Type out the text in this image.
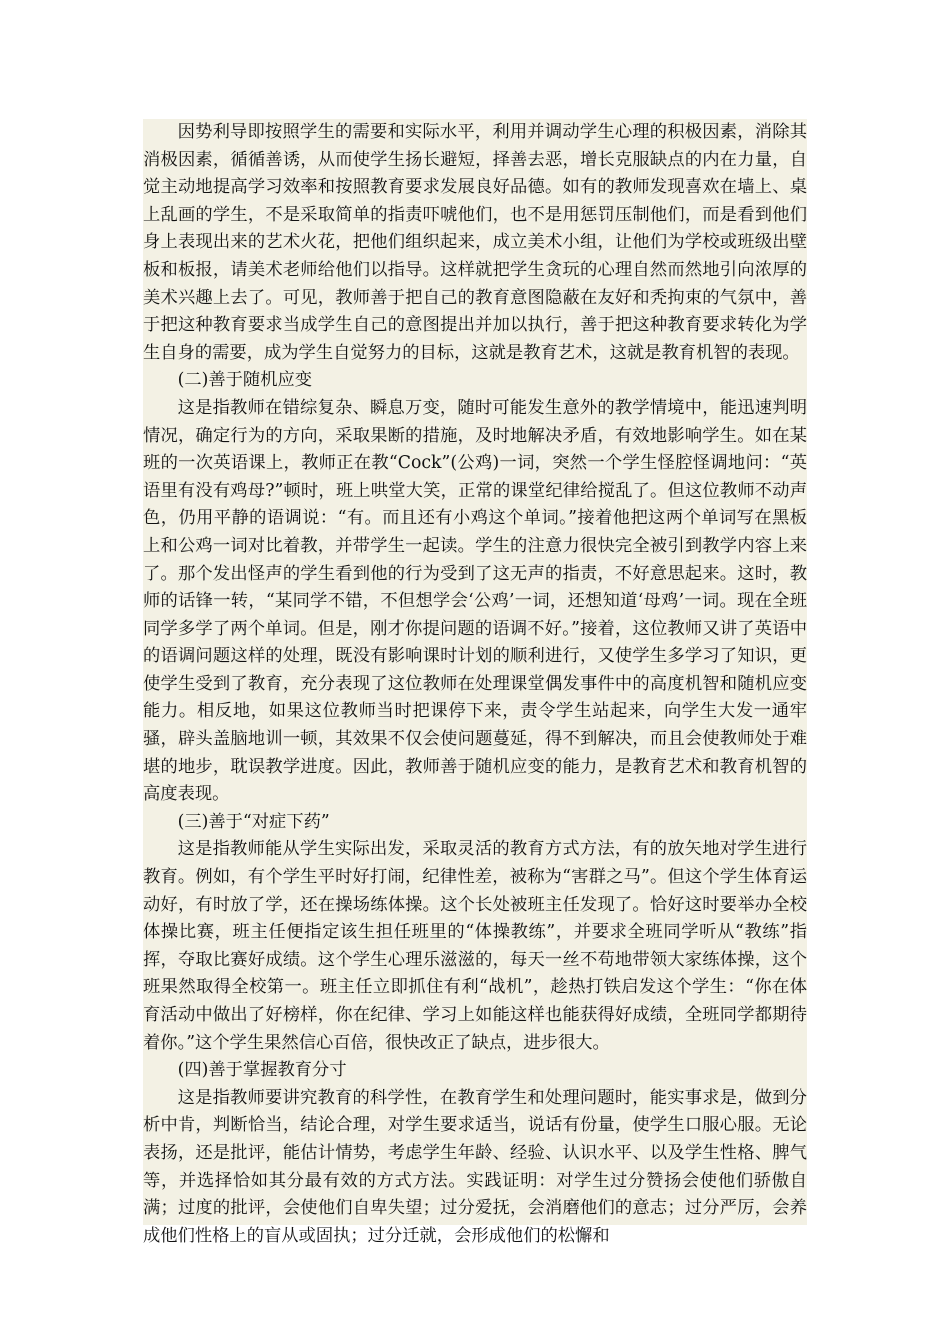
因势利导即按照学生的需要和实际水平，利用并调动学生心理的积极因素，消除其消极因素，循循善诱，从而使学生扬长避短，择善去恶，增长克服缺点的内在力量，自觉主动地提高学习效率和按照教育要求发展良好品德。如有的教师发现喜欢在墙上、桌上乱画的学生，不是采取简单的指责吓唬他们，也不是用惩罚压制他们，而是看到他们身上表现出来的艺术火花，把他们组织起来，成立美术小组，让他们为学校或班级出壁板和板报，请美术老师给他们以指导。这样就把学生贪玩的心理自然而然地引向浓厚的美术兴趣上去了。可见，教师善于把自己的教育意图隐蔽在友好和秃拘束的气氛中，善于把这种教育要求当成学生自己的意图提出并加以执行，善于把这种教育要求转化为学生自身的需要，成为学生自觉努力的目标，这就是教育艺术，这就是教育机智的表现。

(二)善于随机应变

这是指教师在错综复杂、瞬息万变，随时可能发生意外的教学情境中，能迅速判明情况，确定行为的方向，采取果断的措施，及时地解决矛盾，有效地影响学生。如在某班的一次英语课上，教师正在教“Cock”(公鸡)一词，突然一个学生怪腔怪调地问：“英语里有没有鸡母?”顿时，班上哄堂大笑，正常的课堂纪律给搅乱了。但这位教师不动声色，仍用平静的语调说：“有。而且还有小鸡这个单词。”接着他把这两个单词写在黑板上和公鸡一词对比着教，并带学生一起读。学生的注意力很快完全被引到教学内容上来了。那个发出怪声的学生看到他的行为受到了这无声的指责，不好意思起来。这时，教师的话锋一转，“某同学不错，不但想学会‘公鸡’一词，还想知道‘母鸡’一词。现在全班同学多学了两个单词。但是，刚才你提问题的语调不好。”接着，这位教师又讲了英语中的语调问题这样的处理，既没有影响课时计划的顺利进行，又使学生多学习了知识，更使学生受到了教育，充分表现了这位教师在处理课堂偶发事件中的高度机智和随机应变能力。相反地，如果这位教师当时把课停下来，责令学生站起来，向学生大发一通牢骚，辟头盖脑地训一顿，其效果不仅会使问题蔓延，得不到解决，而且会使教师处于难堪的地步，耽误教学进度。因此，教师善于随机应变的能力，是教育艺术和教育机智的高度表现。

(三)善于“对症下药”

这是指教师能从学生实际出发，采取灵活的教育方式方法，有的放矢地对学生进行教育。例如，有个学生平时好打闹，纪律性差，被称为“害群之马”。但这个学生体育运动好，有时放了学，还在操场练体操。这个长处被班主任发现了。恰好这时要举办全校体操比赛，班主任便指定该生担任班里的“体操教练”，并要求全班同学听从“教练”指挥，夺取比赛好成绩。这个学生心理乐滋滋的，每天一丝不苟地带领大家练体操，这个班果然取得全校第一。班主任立即抓住有利“战机”，趁热打铁启发这个学生：“你在体育活动中做出了好榜样，你在纪律、学习上如能这样也能获得好成绩，全班同学都期待着你。”这个学生果然信心百倍，很快改正了缺点，进步很大。

(四)善于掌握教育分寸

这是指教师要讲究教育的科学性，在教育学生和处理问题时，能实事求是，做到分析中肯，判断恰当，结论合理，对学生要求适当，说话有份量，使学生口服心服。无论表扬，还是批评，能估计情势，考虑学生年龄、经验、认识水平、以及学生性格、脾气等，并选择恰如其分最有效的方式方法。实践证明：对学生过分赞扬会使他们骄傲自满；过度的批评，会使他们自卑失望；过分爱抚，会消磨他们的意志；过分严厉，会养成他们性格上的盲从或固执；过分迁就，会形成他们的松懈和
